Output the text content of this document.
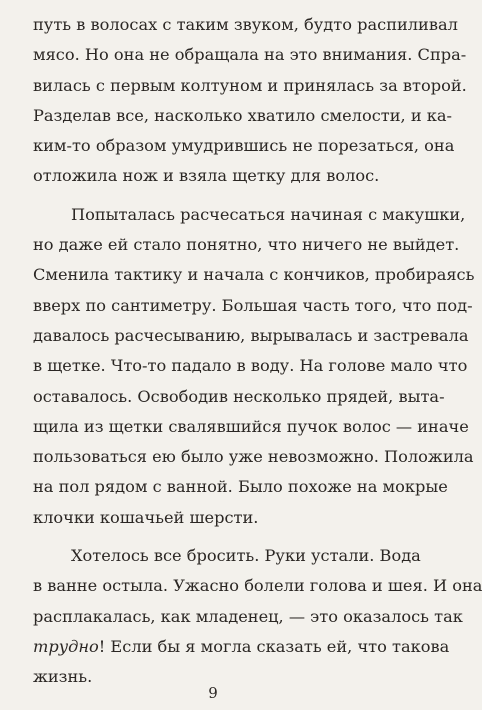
путь в волосах с таким звуком, будто распиливал
мясо. Но она не обращала на это внимания. Спра-
вилась с первым колтуном и принялась за второй.
Разделав все, насколько хватило смелости, и ка-
ким-то образом умудрившись не порезаться, она
отложила нож и взяла щетку для волос.

Попыталась расчесаться начиная с макушки,
но даже ей стало понятно, что ничего не выйдет.
Сменила тактику и начала с кончиков, пробираясь
вверх по сантиметру. Большая часть того, что под-
давалось расчесыванию, вырывалась и застревала
в щетке. Что-то падало в воду. На голове мало что
оставалось. Освободив несколько прядей, выта-
щила из щетки свалявшийся пучок волос — иначе
пользоваться ею было уже невозможно. Положила
на пол рядом с ванной. Было похоже на мокрые
клочки кошачьей шерсти.

Хотелось все бросить. Руки устали. Вода
в ванне остыла. Ужасно болели голова и шея. И она
расплакалась, как младенец, — это оказалось так
трудно! Если бы я могла сказать ей, что такова
жизнь.

9
